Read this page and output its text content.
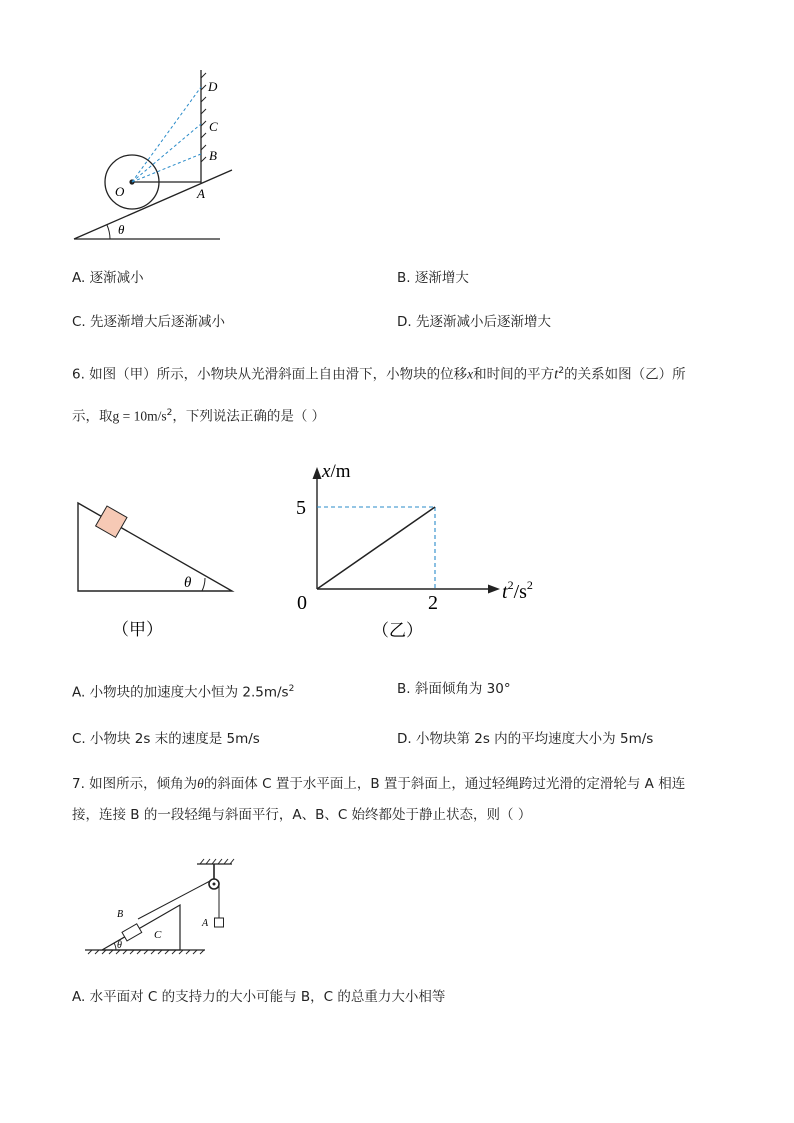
θ
D
C
B
O	A
A. 逐渐减小	B. 逐渐增大
C. 先逐渐增大后逐渐减小	D. 先逐渐减小后逐渐增大
6. 如图（甲）所示，小物块从光滑斜面上自由滑下，小物块的位移x和时间的平方$t^2$的关系如图（乙）所
示，取$g = 10m/s^2$，下列说法正确的是（ ）
θ
（甲）
x/m
5
0	2	$t^2/s^2$
（乙）
A. 小物块的加速度大小恒为 $2.5m/s^2$	B. 斜面倾角为 30°
C. 小物块 2s 末的速度是 5m/s	D. 小物块第 2s 内的平均速度大小为 5m/s
7. 如图所示，倾角为θ的斜面体 C 置于水平面上，B 置于斜面上，通过轻绳跨过光滑的定滑轮与 A 相连
接，连接 B 的一段轻绳与斜面平行，A、B、C 始终都处于静止状态，则（ ）
A
C
θ
B
A. 水平面对 C 的支持力的大小可能与 B，C 的总重力大小相等
